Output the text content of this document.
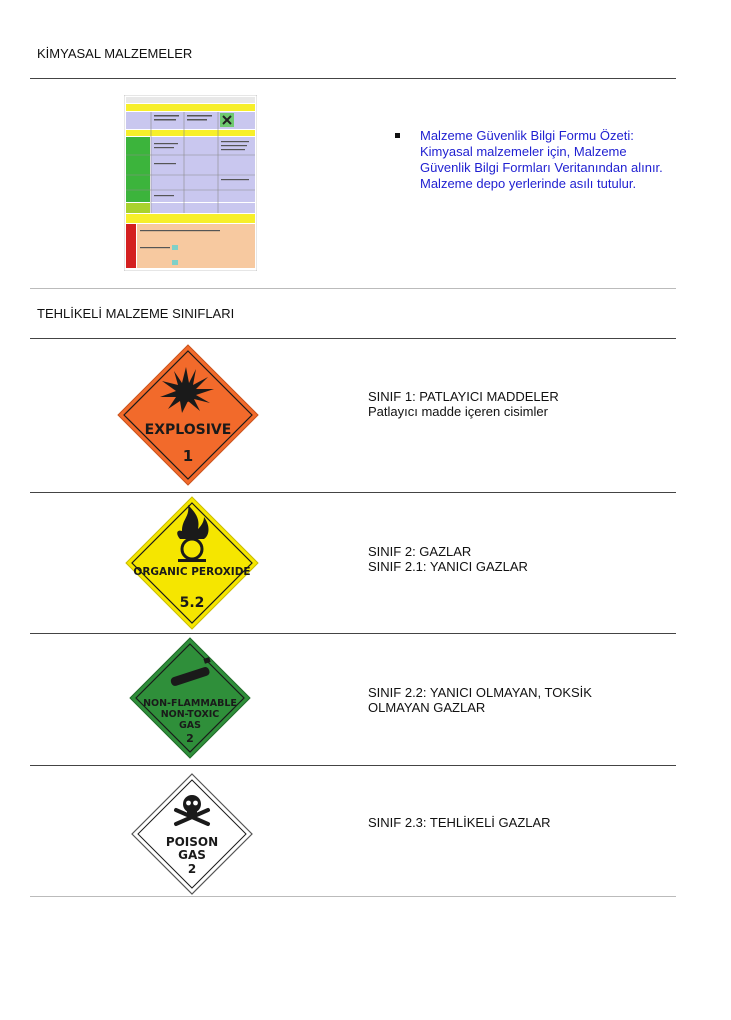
KİMYASAL MALZEMELER
Malzeme Güvenlik Bilgi Formu Özeti: Kimyasal malzemeler için, Malzeme Güvenlik Bilgi Formları Veritanından alınır. Malzeme depo yerlerinde asılı tutulur.
TEHLİKELİ MALZEME SINIFLARI
EXPLOSIVE
1
SINIF 1: PATLAYICI MADDELER
Patlayıcı madde içeren cisimler
ORGANIC PEROXIDE
5.2
SINIF 2: GAZLAR
SINIF 2.1: YANICI GAZLAR
NON-FLAMMABLE
NON-TOXIC
GAS
2
SINIF 2.2: YANICI OLMAYAN, TOKSİK
OLMAYAN GAZLAR
POISON
GAS
2
SINIF 2.3: TEHLİKELİ GAZLAR
